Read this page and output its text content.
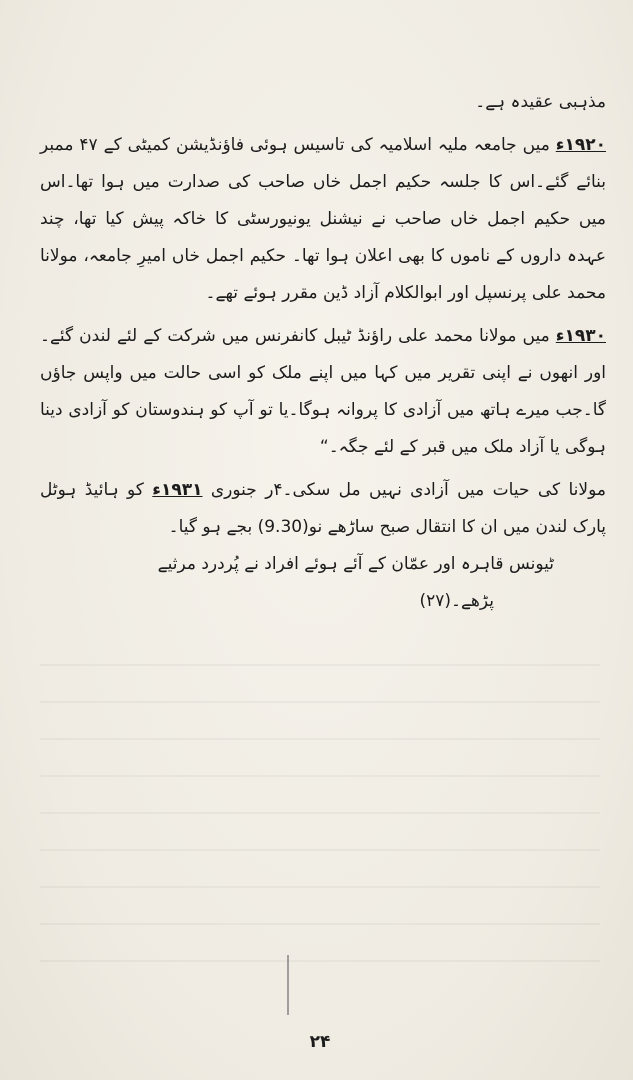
مذہبی عقیدہ ہے۔

۱۹۲۰ء میں جامعہ ملیہ اسلامیہ کی تاسیس ہوئی فاؤنڈیشن کمیٹی کے ۴۷ ممبر بنائے گئے۔اس کا جلسہ حکیم اجمل خاں صاحب کی صدارت میں ہوا تھا۔اس میں حکیم اجمل خاں صاحب نے نیشنل یونیورسٹی کا خاکہ پیش کیا تھا، چند عہدہ داروں کے ناموں کا بھی اعلان ہوا تھا۔ حکیم اجمل خاں امیرِ جامعہ، مولانا محمد علی پرنسپل اور ابوالکلام آزاد ڈین مقرر ہوئے تھے۔

۱۹۳۰ء میں مولانا محمد علی راؤنڈ ٹیبل کانفرنس میں شرکت کے لئے لندن گئے۔ اور انھوں نے اپنی تقریر میں کہا میں اپنے ملک کو اسی حالت میں واپس جاؤں گا۔جب میرے ہاتھ میں آزادی کا پروانہ ہوگا۔یا تو آپ کو ہندوستان کو آزادی دینا ہوگی یا آزاد ملک میں قبر کے لئے جگہ۔“

مولانا کی حیات میں آزادی نہیں مل سکی۔۴ر جنوری ۱۹۳۱ء کو ہائیڈ ہوٹل پارک لندن میں ان کا انتقال صبح ساڑھے نو(9.30) بجے ہو گیا۔

ٹیونس قاہرہ اور عمّان کے آئے ہوئے افراد نے پُردرد مرثیے

پڑھے۔(۲۷)

۲۴
